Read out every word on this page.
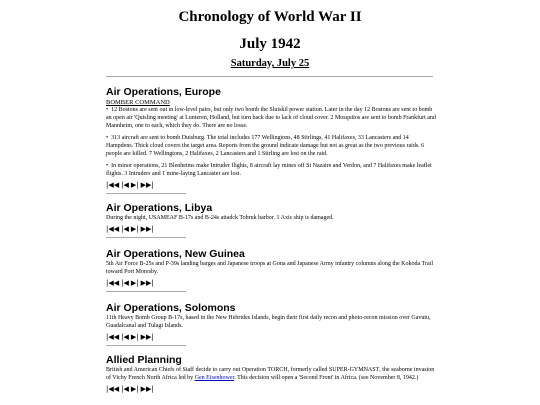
Chronology of World War II
July 1942
Saturday, July 25
Air Operations, Europe
BOMBER COMMAND

• 12 Bostons are sent out in low-level pairs, but only two bomb the Sluiskil power station. Later in the day 12 Bostons are sent to bomb an open air 'Quisling meeting' at Lunteren, Holland, but turn back due to lack of cloud cover. 2 Mosquitos are sent to bomb Frankfurt and Mannheim, one to each, which they do. There are no losse.

• 313 aircraft are sent to bomb Duisburg. The total includes 177 Wellingtons, 48 Stirlings, 41 Halifaxes, 33 Lancasters and 14 Hampdens. Thick cloud covers the target area. Reports from the ground indicate damage but not as great as the two previous raids. 6 people are killed. 7 Wellingtons, 2 Halifaxes, 2 Lancasters and 1 Stirling are lost on the raid.

• In minor operations, 21 Blenheims make Intruder flights, 8 aircraft lay mines off St Nazaire and Verdon, and 7 Halifaxes make leaflet flights. 3 Intruders and 1 mine-laying Lancaster are lost.

|◀◀ |◀ ▶| ▶▶|
Air Operations, Libya

During the night, USAMEAF B-17s and B-24s attadck Tobruk harbor. 1 Axis ship is damaged.

|◀◀ |◀ ▶| ▶▶|
Air Operations, New Guinea

5th Air Force B-25s and P-39s landing barges and Japanese troops at Gona and Japanese Army infantry columns along the Kokoda Trail toward Port Moresby.

|◀◀ |◀ ▶| ▶▶|
Air Operations, Solomons

11th Heavy Bomb Group B-17s, based in the New Hebrides Islands, begin their first daily recon and photo-recon mission over Gavutu, Guadalcanal and Tulagi Islands.

|◀◀ |◀ ▶| ▶▶|
Allied Planning

British and American Chiefs of Staff decide to carry out Operation TORCH, formerly called SUPER-GYMNAST, the seaborne invasion of Vichy French North Africa led by Gen Eisenhower. This decision will open a 'Second Front' in Africa. (see November 8, 1942.)

|◀◀ |◀ ▶| ▶▶|
